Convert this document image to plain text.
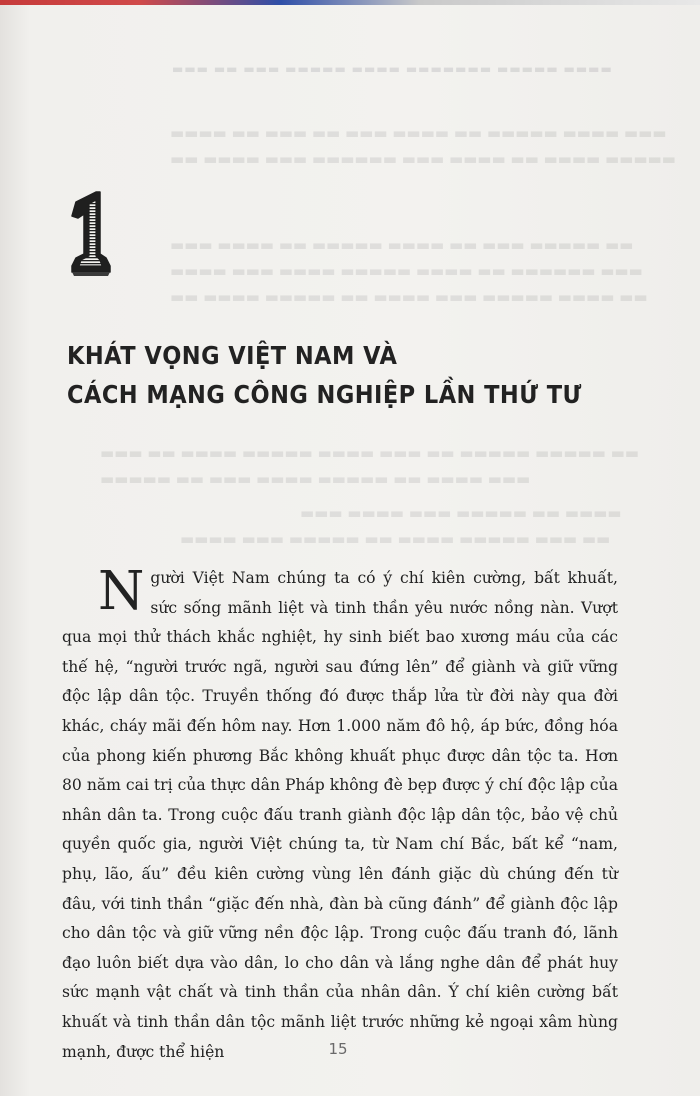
▬▬▬ ▬▬ ▬▬▬ ▬▬▬▬▬ ▬▬▬▬ ▬▬▬▬▬▬▬ ▬▬▬▬▬ ▬▬▬▬
▬▬▬▬ ▬▬ ▬▬▬ ▬▬ ▬▬▬ ▬▬▬▬ ▬▬ ▬▬▬▬▬ ▬▬▬▬ ▬▬▬
▬▬ ▬▬▬▬ ▬▬▬ ▬▬▬▬▬▬ ▬▬▬ ▬▬▬▬ ▬▬ ▬▬▬▬ ▬▬▬▬▬
▬▬▬ ▬▬▬▬ ▬▬ ▬▬▬▬▬ ▬▬▬▬ ▬▬ ▬▬▬ ▬▬▬▬▬ ▬▬
▬▬▬▬ ▬▬▬ ▬▬▬▬ ▬▬▬▬▬ ▬▬▬▬ ▬▬ ▬▬▬▬▬▬ ▬▬▬
▬▬ ▬▬▬▬ ▬▬▬▬▬ ▬▬ ▬▬▬▬ ▬▬▬ ▬▬▬▬▬ ▬▬▬▬ ▬▬
▬▬▬ ▬▬ ▬▬▬▬ ▬▬▬▬▬ ▬▬▬▬ ▬▬▬ ▬▬ ▬▬▬▬▬ ▬▬▬▬▬ ▬▬
▬▬▬▬▬ ▬▬ ▬▬▬ ▬▬▬▬ ▬▬▬▬▬ ▬▬ ▬▬▬▬ ▬▬▬
▬▬▬ ▬▬▬▬ ▬▬▬ ▬▬▬▬▬ ▬▬ ▬▬▬▬
▬▬▬▬ ▬▬▬ ▬▬▬▬▬ ▬▬ ▬▬▬▬ ▬▬▬▬▬ ▬▬▬ ▬▬
KHÁT VỌNG VIỆT NAM VÀ
CÁCH MẠNG CÔNG NGHIỆP LẦN THỨ TƯ

Người Việt Nam chúng ta có ý chí kiên cường, bất khuất, sức sống mãnh liệt và tinh thần yêu nước nồng nàn. Vượt qua mọi thử thách khắc nghiệt, hy sinh biết bao xương máu của các thế hệ, “người trước ngã, người sau đứng lên” để giành và giữ vững độc lập dân tộc. Truyền thống đó được thắp lửa từ đời này qua đời khác, cháy mãi đến hôm nay. Hơn 1.000 năm đô hộ, áp bức, đồng hóa của phong kiến phương Bắc không khuất phục được dân tộc ta. Hơn 80 năm cai trị của thực dân Pháp không đè bẹp được ý chí độc lập của nhân dân ta. Trong cuộc đấu tranh giành độc lập dân tộc, bảo vệ chủ quyền quốc gia, người Việt chúng ta, từ Nam chí Bắc, bất kể “nam, phụ, lão, ấu” đều kiên cường vùng lên đánh giặc dù chúng đến từ đâu, với tinh thần “giặc đến nhà, đàn bà cũng đánh” để giành độc lập cho dân tộc và giữ vững nền độc lập. Trong cuộc đấu tranh đó, lãnh đạo luôn biết dựa vào dân, lo cho dân và lắng nghe dân để phát huy sức mạnh vật chất và tinh thần của nhân dân. Ý chí kiên cường bất khuất và tinh thần dân tộc mãnh liệt trước những kẻ ngoại xâm hùng mạnh, được thể hiện	15
